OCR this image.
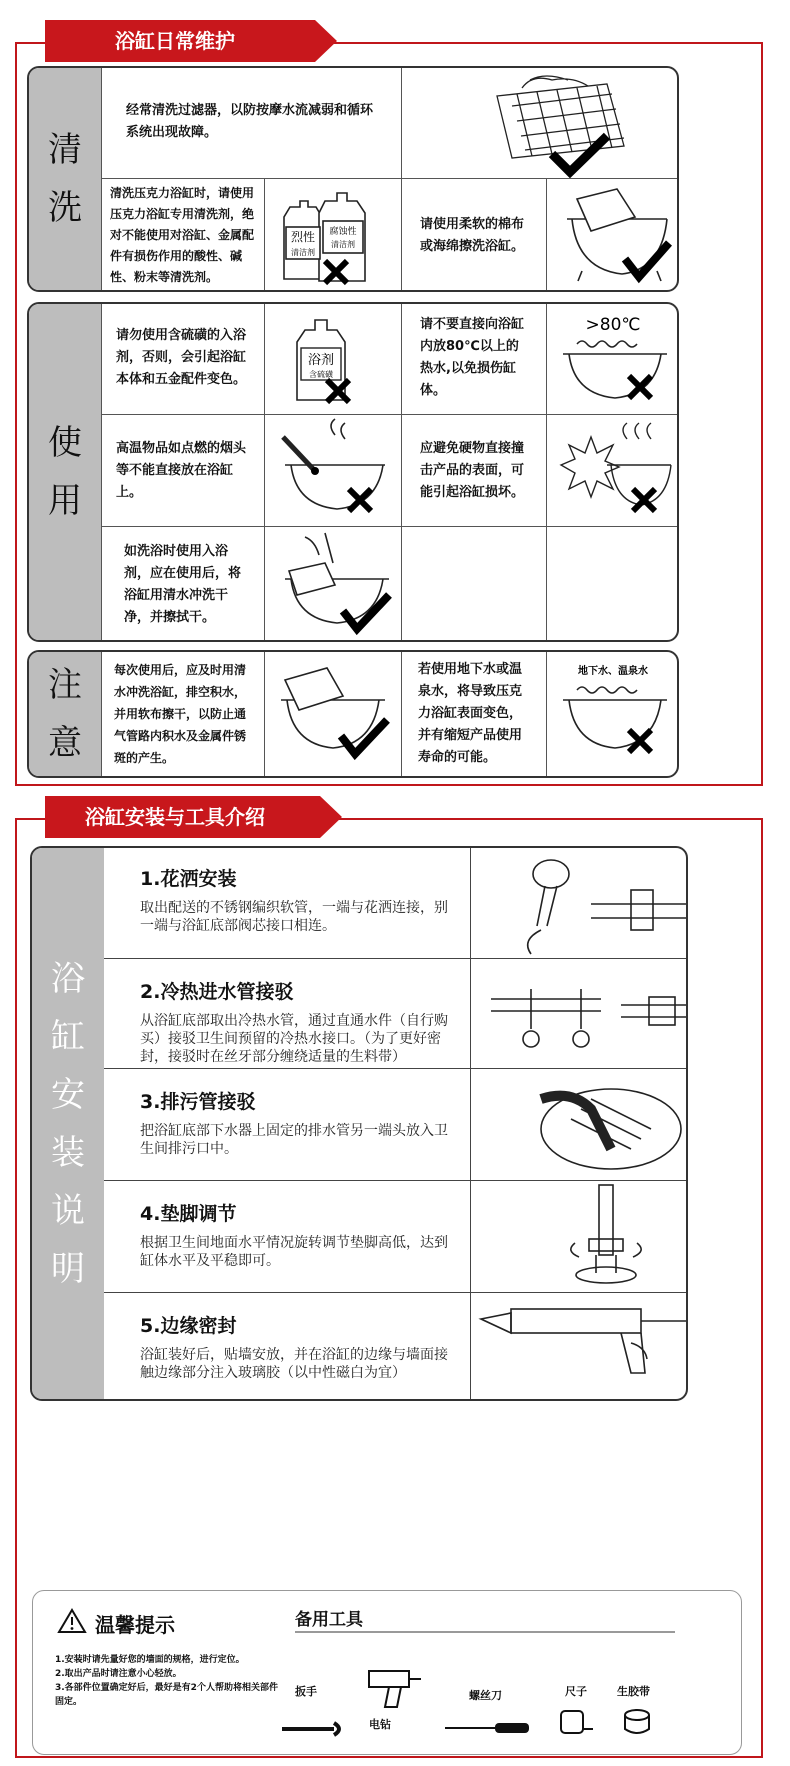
浴缸日常维护
清
洗
经常清洗过滤器，以防按摩水流减弱和循环系统出现故障。
清洗压克力浴缸时，请使用压克力浴缸专用清洗剂，绝对不能使用对浴缸、金属配件有损伤作用的酸性、碱性、粉末等清洗剂。
烈性
清洁剂
腐蚀性
清洁剂
请使用柔软的棉布或海绵擦洗浴缸。
使
用
请勿使用含硫磺的入浴剂，否则，会引起浴缸本体和五金配件变色。
浴剂
含硫磺
请不要直接向浴缸内放80℃以上的热水,以免损伤缸体。
>80℃
高温物品如点燃的烟头等不能直接放在浴缸上。
应避免硬物直接撞击产品的表面，可能引起浴缸损坏。
如洗浴时使用入浴剂，应在使用后，将浴缸用清水冲洗干净，并擦拭干。
注
意
每次使用后，应及时用清水冲洗浴缸，排空积水，并用软布擦干，以防止通气管路内积水及金属件锈斑的产生。
若使用地下水或温泉水，将导致压克力浴缸表面变色，并有缩短产品使用寿命的可能。
地下水、温泉水
浴缸安装与工具介绍
浴
缸
安
装
说
明
1.花洒安装
取出配送的不锈钢编织软管，一端与花洒连接，别一端与浴缸底部阀芯接口相连。
2.冷热进水管接驳
从浴缸底部取出冷热水管，通过直通水件（自行购买）接驳卫生间预留的冷热水接口。（为了更好密封，接驳时在丝牙部分缠绕适量的生料带）
3.排污管接驳
把浴缸底部下水器上固定的排水管另一端头放入卫生间排污口中。
4.垫脚调节
根据卫生间地面水平情况旋转调节垫脚高低，达到缸体水平及平稳即可。
5.边缘密封
浴缸装好后，贴墙安放，并在浴缸的边缘与墙面接触边缘部分注入玻璃胶（以中性磁白为宜）
温馨提示
1.安装时请先量好您的墙面的规格，进行定位。
2.取出产品时请注意小心轻放。
3.各部件位置确定好后，最好是有2个人帮助将相关部件固定。
备用工具
扳手
电钻
螺丝刀	尺子	生胶带
